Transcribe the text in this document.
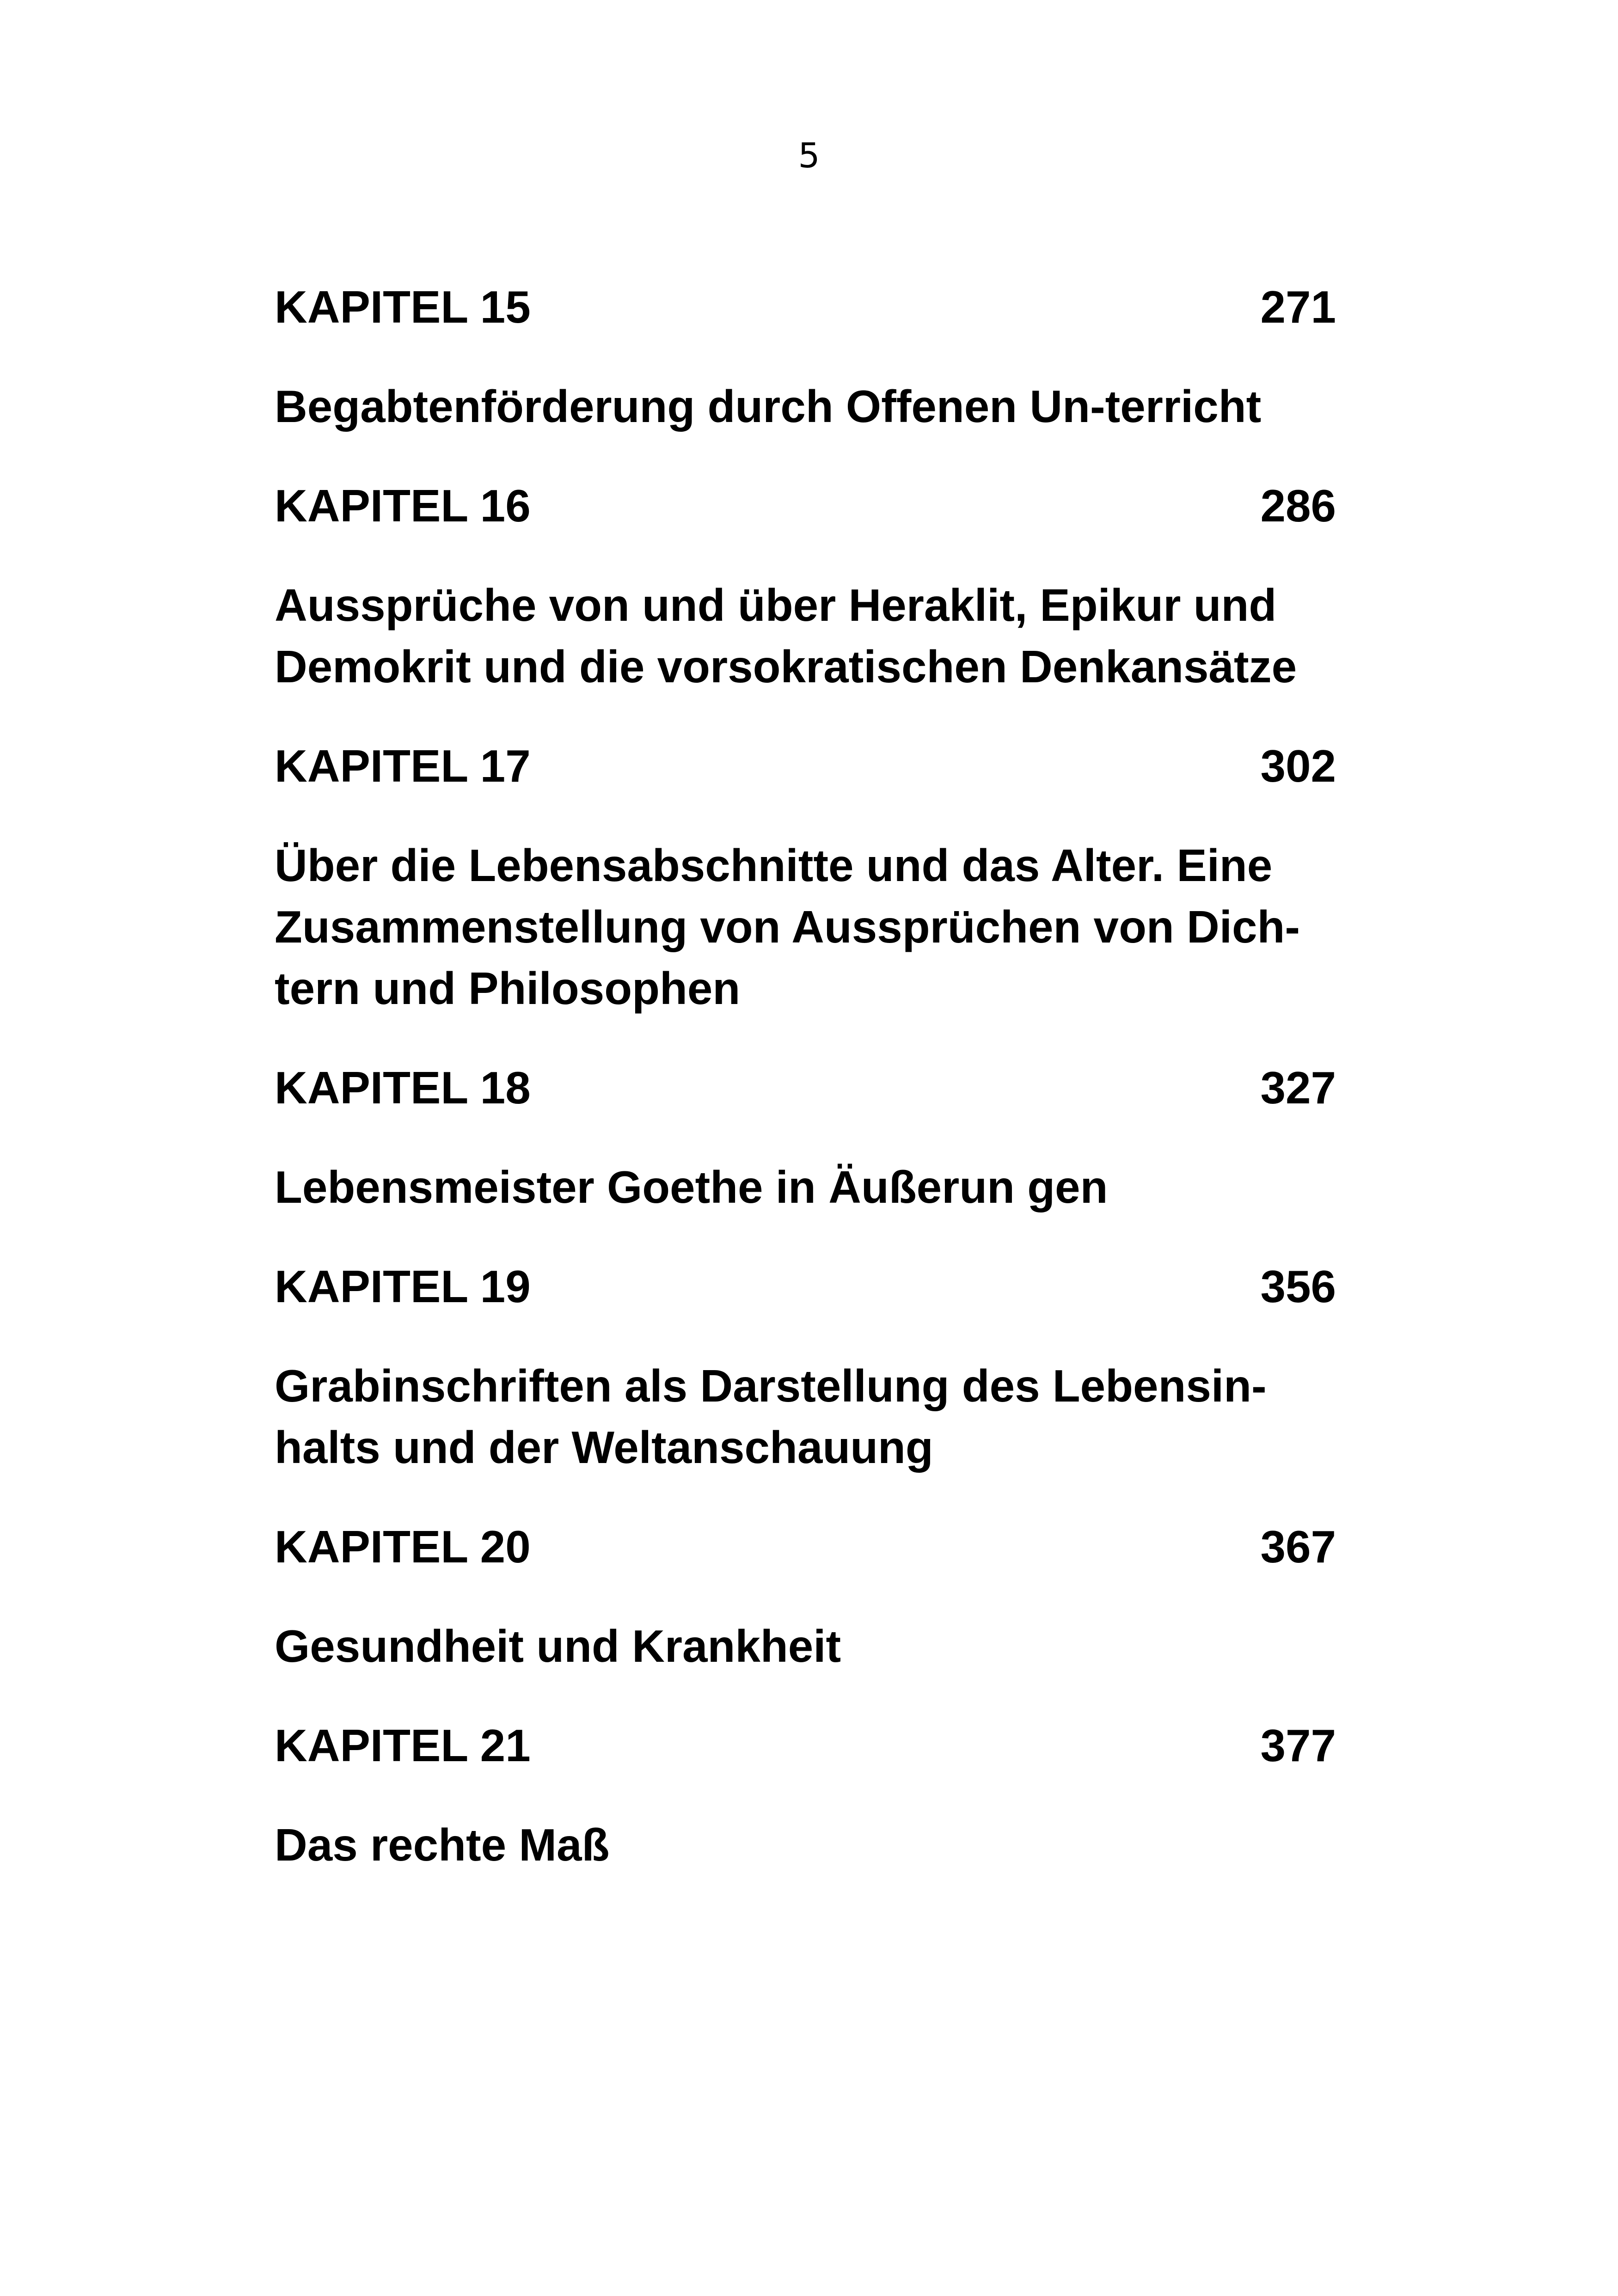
5
KAPITEL 15	271
Begabtenförderung durch Offenen Un-terricht
KAPITEL 16	286
Aussprüche von und über Heraklit, Epikur und
Demokrit und die vorsokratischen Denkansätze
KAPITEL 17	302
Über die Lebensabschnitte und das Alter. Eine
Zusammenstellung von Aussprüchen von Dich-
tern und Philosophen
KAPITEL 18	327
Lebensmeister Goethe in Äußerun gen
KAPITEL 19	356
Grabinschriften als Darstellung des Lebensin-
halts und der Weltanschauung
KAPITEL 20	367
Gesundheit und Krankheit
KAPITEL 21	377
Das rechte Maß
